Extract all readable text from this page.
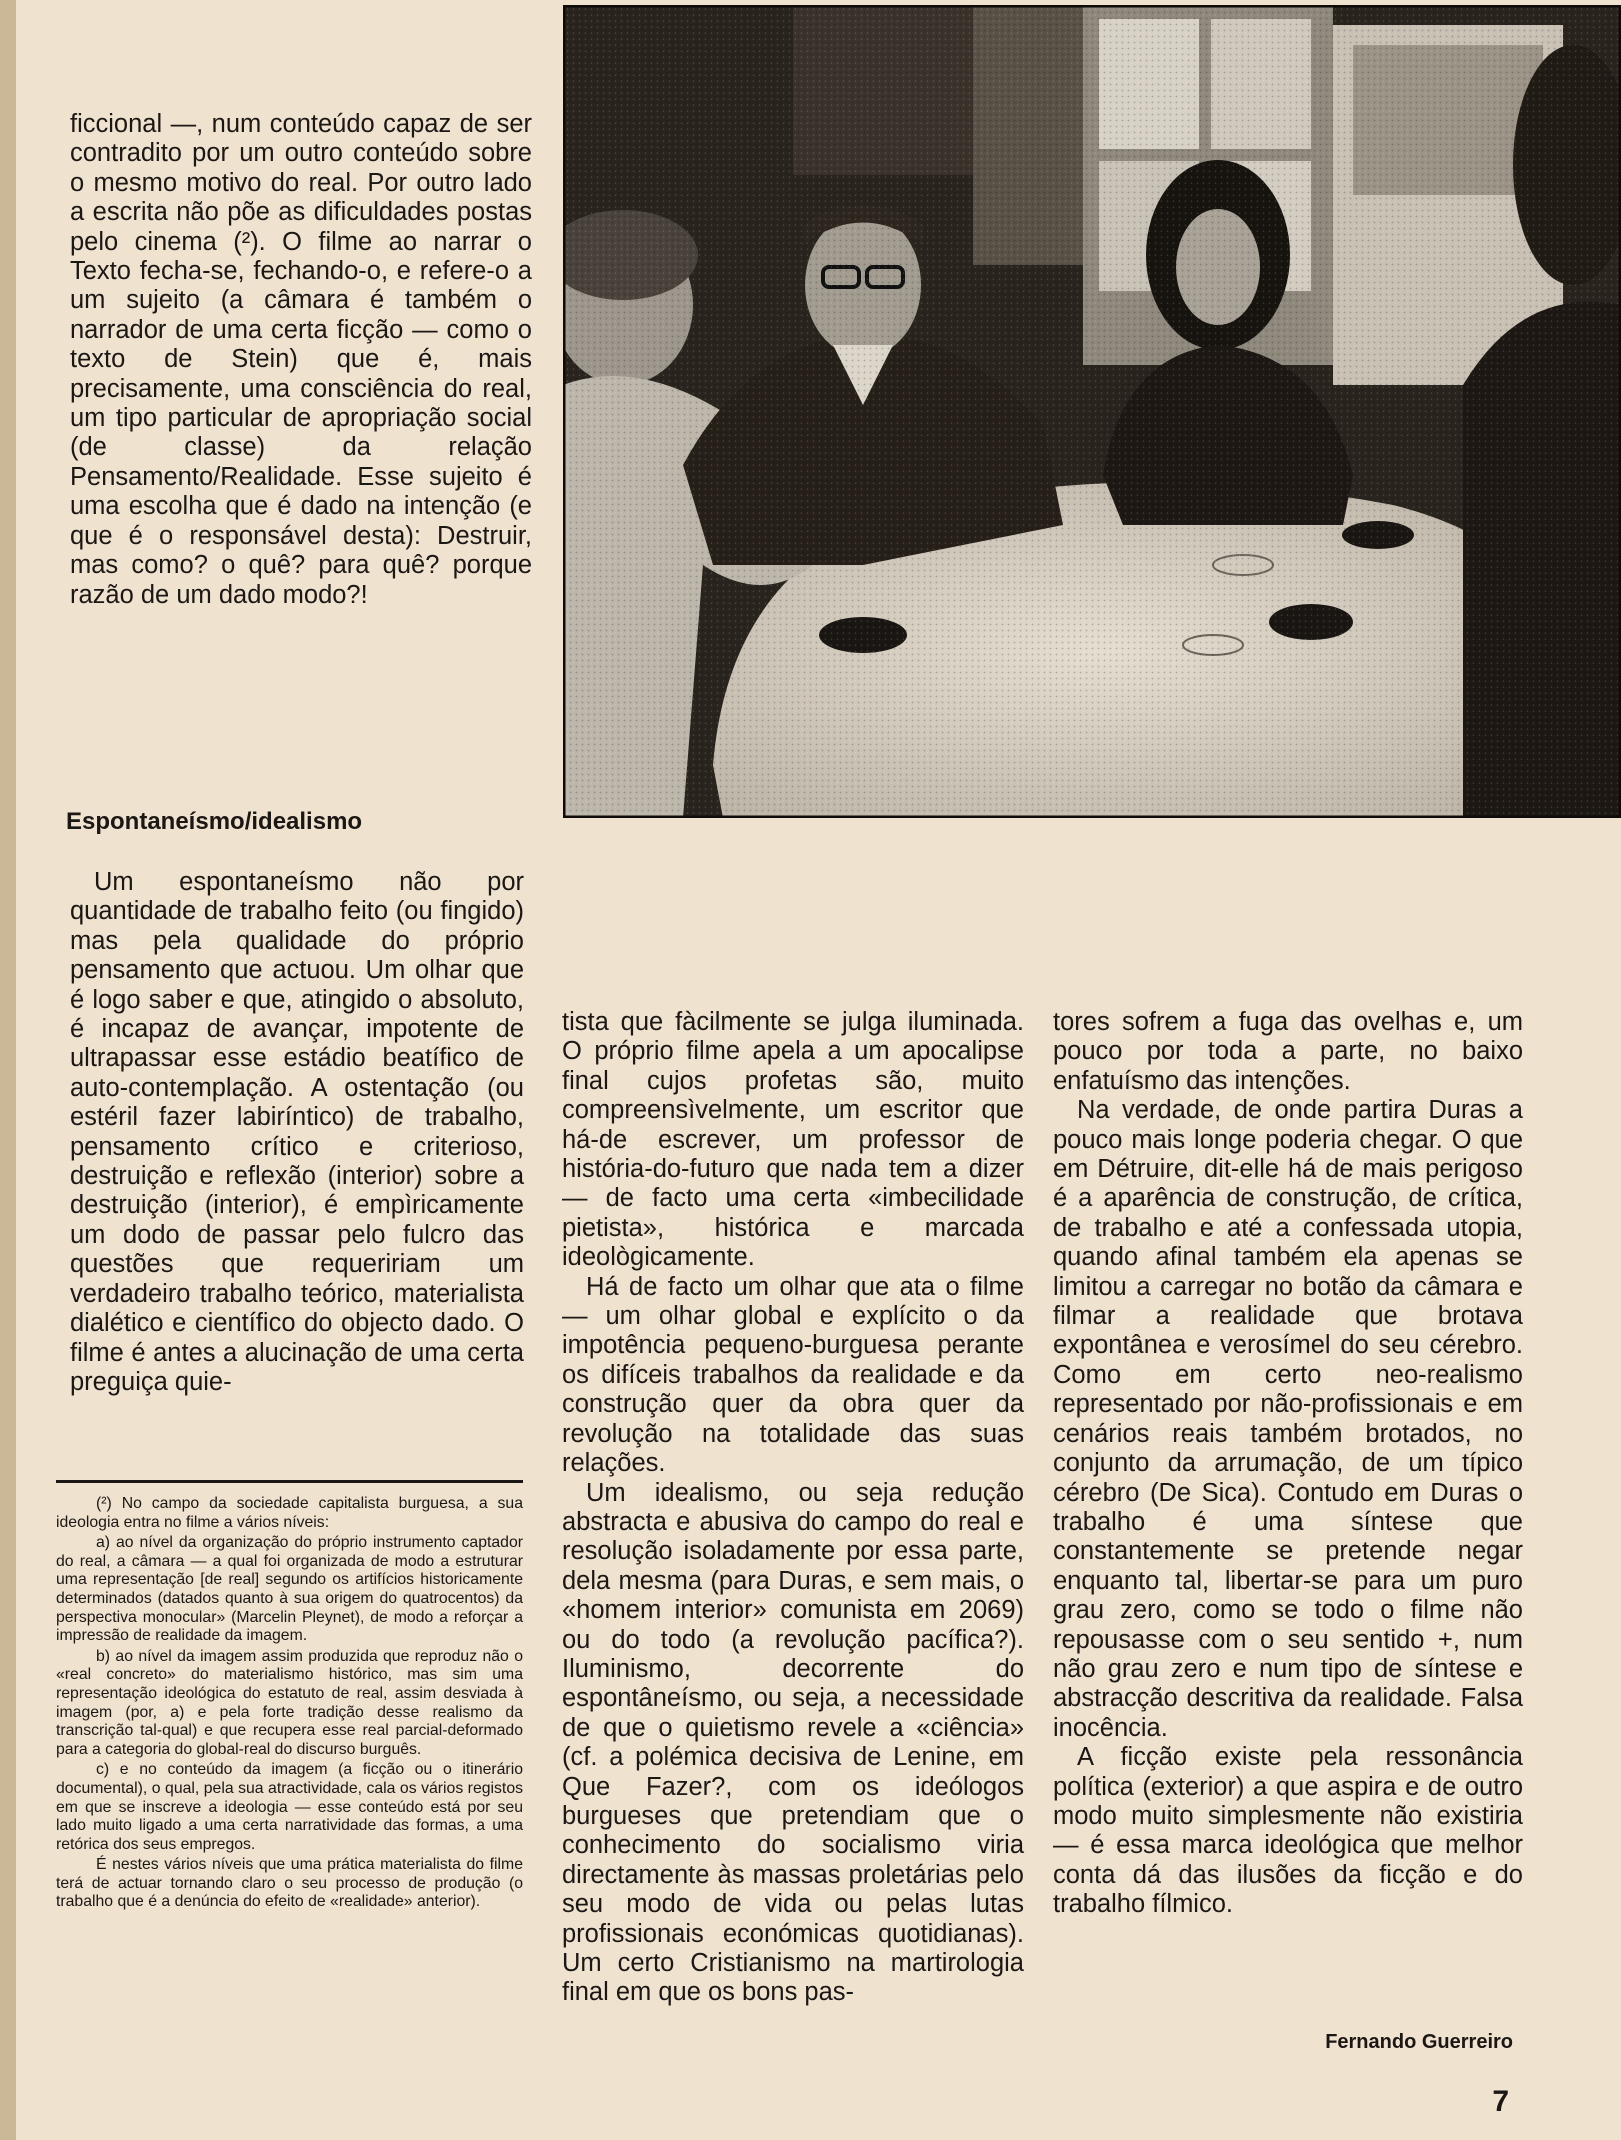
ficcional —, num conteúdo capaz de ser contradito por um outro conteúdo sobre o mesmo motivo do real. Por outro lado a escrita não põe as dificuldades postas pelo cinema (²). O filme ao narrar o Texto fecha-se, fechando-o, e refere-o a um sujeito (a câmara é também o narrador de uma certa ficção — como o texto de Stein) que é, mais precisamente, uma consciência do real, um tipo particular de apropriação social (de classe) da relação Pensamento/Realidade. Esse sujeito é uma escolha que é dado na intenção (e que é o responsável desta): Destruir, mas como? o quê? para quê? porque razão de um dado modo?!

Espontaneísmo/idealismo

Um espontaneísmo não por quantidade de trabalho feito (ou fingido) mas pela qualidade do próprio pensamento que actuou. Um olhar que é logo saber e que, atingido o absoluto, é incapaz de avançar, impotente de ultrapassar esse estádio beatífico de auto-contemplação. A ostentação (ou estéril fazer labiríntico) de trabalho, pensamento crítico e criterioso, destruição e reflexão (interior) sobre a destruição (interior), é empìricamente um dodo de passar pelo fulcro das questões que requeririam um verdadeiro trabalho teórico, materialista dialético e científico do objecto dado. O filme é antes a alucinação de uma certa preguiça quie-

(²) No campo da sociedade capitalista burguesa, a sua ideologia entra no filme a vários níveis:

a) ao nível da organização do próprio instrumento captador do real, a câmara — a qual foi organizada de modo a estruturar uma representação [de real] segundo os artifícios historicamente determinados (datados quanto à sua origem do quatrocentos) da perspectiva monocular» (Marcelin Pleynet), de modo a reforçar a impressão de realidade da imagem.

b) ao nível da imagem assim produzida que reproduz não o «real concreto» do materialismo histórico, mas sim uma representação ideológica do estatuto de real, assim desviada à imagem (por, a) e pela forte tradição desse realismo da transcrição tal-qual) e que recupera esse real parcial-deformado para a categoria do global-real do discurso burguês.

c) e no conteúdo da imagem (a ficção ou o itinerário documental), o qual, pela sua atractividade, cala os vários registos em que se inscreve a ideologia — esse conteúdo está por seu lado muito ligado a uma certa narratividade das formas, a uma retórica dos seus empregos.

É nestes vários níveis que uma prática materialista do filme terá de actuar tornando claro o seu processo de produção (o trabalho que é a denúncia do efeito de «realidade» anterior).

tista que fàcilmente se julga iluminada. O próprio filme apela a um apocalipse final cujos profetas são, muito compreensìvelmente, um escritor que há-de escrever, um professor de história-do-futuro que nada tem a dizer — de facto uma certa «imbecilidade pietista», histórica e marcada ideològicamente.

Há de facto um olhar que ata o filme — um olhar global e explícito o da impotência pequeno-burguesa perante os difíceis trabalhos da realidade e da construção quer da obra quer da revolução na totalidade das suas relações.

Um idealismo, ou seja redução abstracta e abusiva do campo do real e resolução isoladamente por essa parte, dela mesma (para Duras, e sem mais, o «homem interior» comunista em 2069) ou do todo (a revolução pacífica?). Iluminismo, decorrente do espontâneísmo, ou seja, a necessidade de que o quietismo revele a «ciência» (cf. a polémica decisiva de Lenine, em Que Fazer?, com os ideólogos burgueses que pretendiam que o conhecimento do socialismo viria directamente às massas proletárias pelo seu modo de vida ou pelas lutas profissionais económicas quotidianas). Um certo Cristianismo na martirologia final em que os bons pas-

tores sofrem a fuga das ovelhas e, um pouco por toda a parte, no baixo enfatuísmo das intenções.

Na verdade, de onde partira Duras a pouco mais longe poderia chegar. O que em Détruire, dit-elle há de mais perigoso é a aparência de construção, de crítica, de trabalho e até a confessada utopia, quando afinal também ela apenas se limitou a carregar no botão da câmara e filmar a realidade que brotava expontânea e verosímel do seu cérebro. Como em certo neo-realismo representado por não-profissionais e em cenários reais também brotados, no conjunto da arrumação, de um típico cérebro (De Sica). Contudo em Duras o trabalho é uma síntese que constantemente se pretende negar enquanto tal, libertar-se para um puro grau zero, como se todo o filme não repousasse com o seu sentido +, num não grau zero e num tipo de síntese e abstracção descritiva da realidade. Falsa inocência.

A ficção existe pela ressonância política (exterior) a que aspira e de outro modo muito simplesmente não existiria — é essa marca ideológica que melhor conta dá das ilusões da ficção e do trabalho fílmico.

Fernando Guerreiro
7
